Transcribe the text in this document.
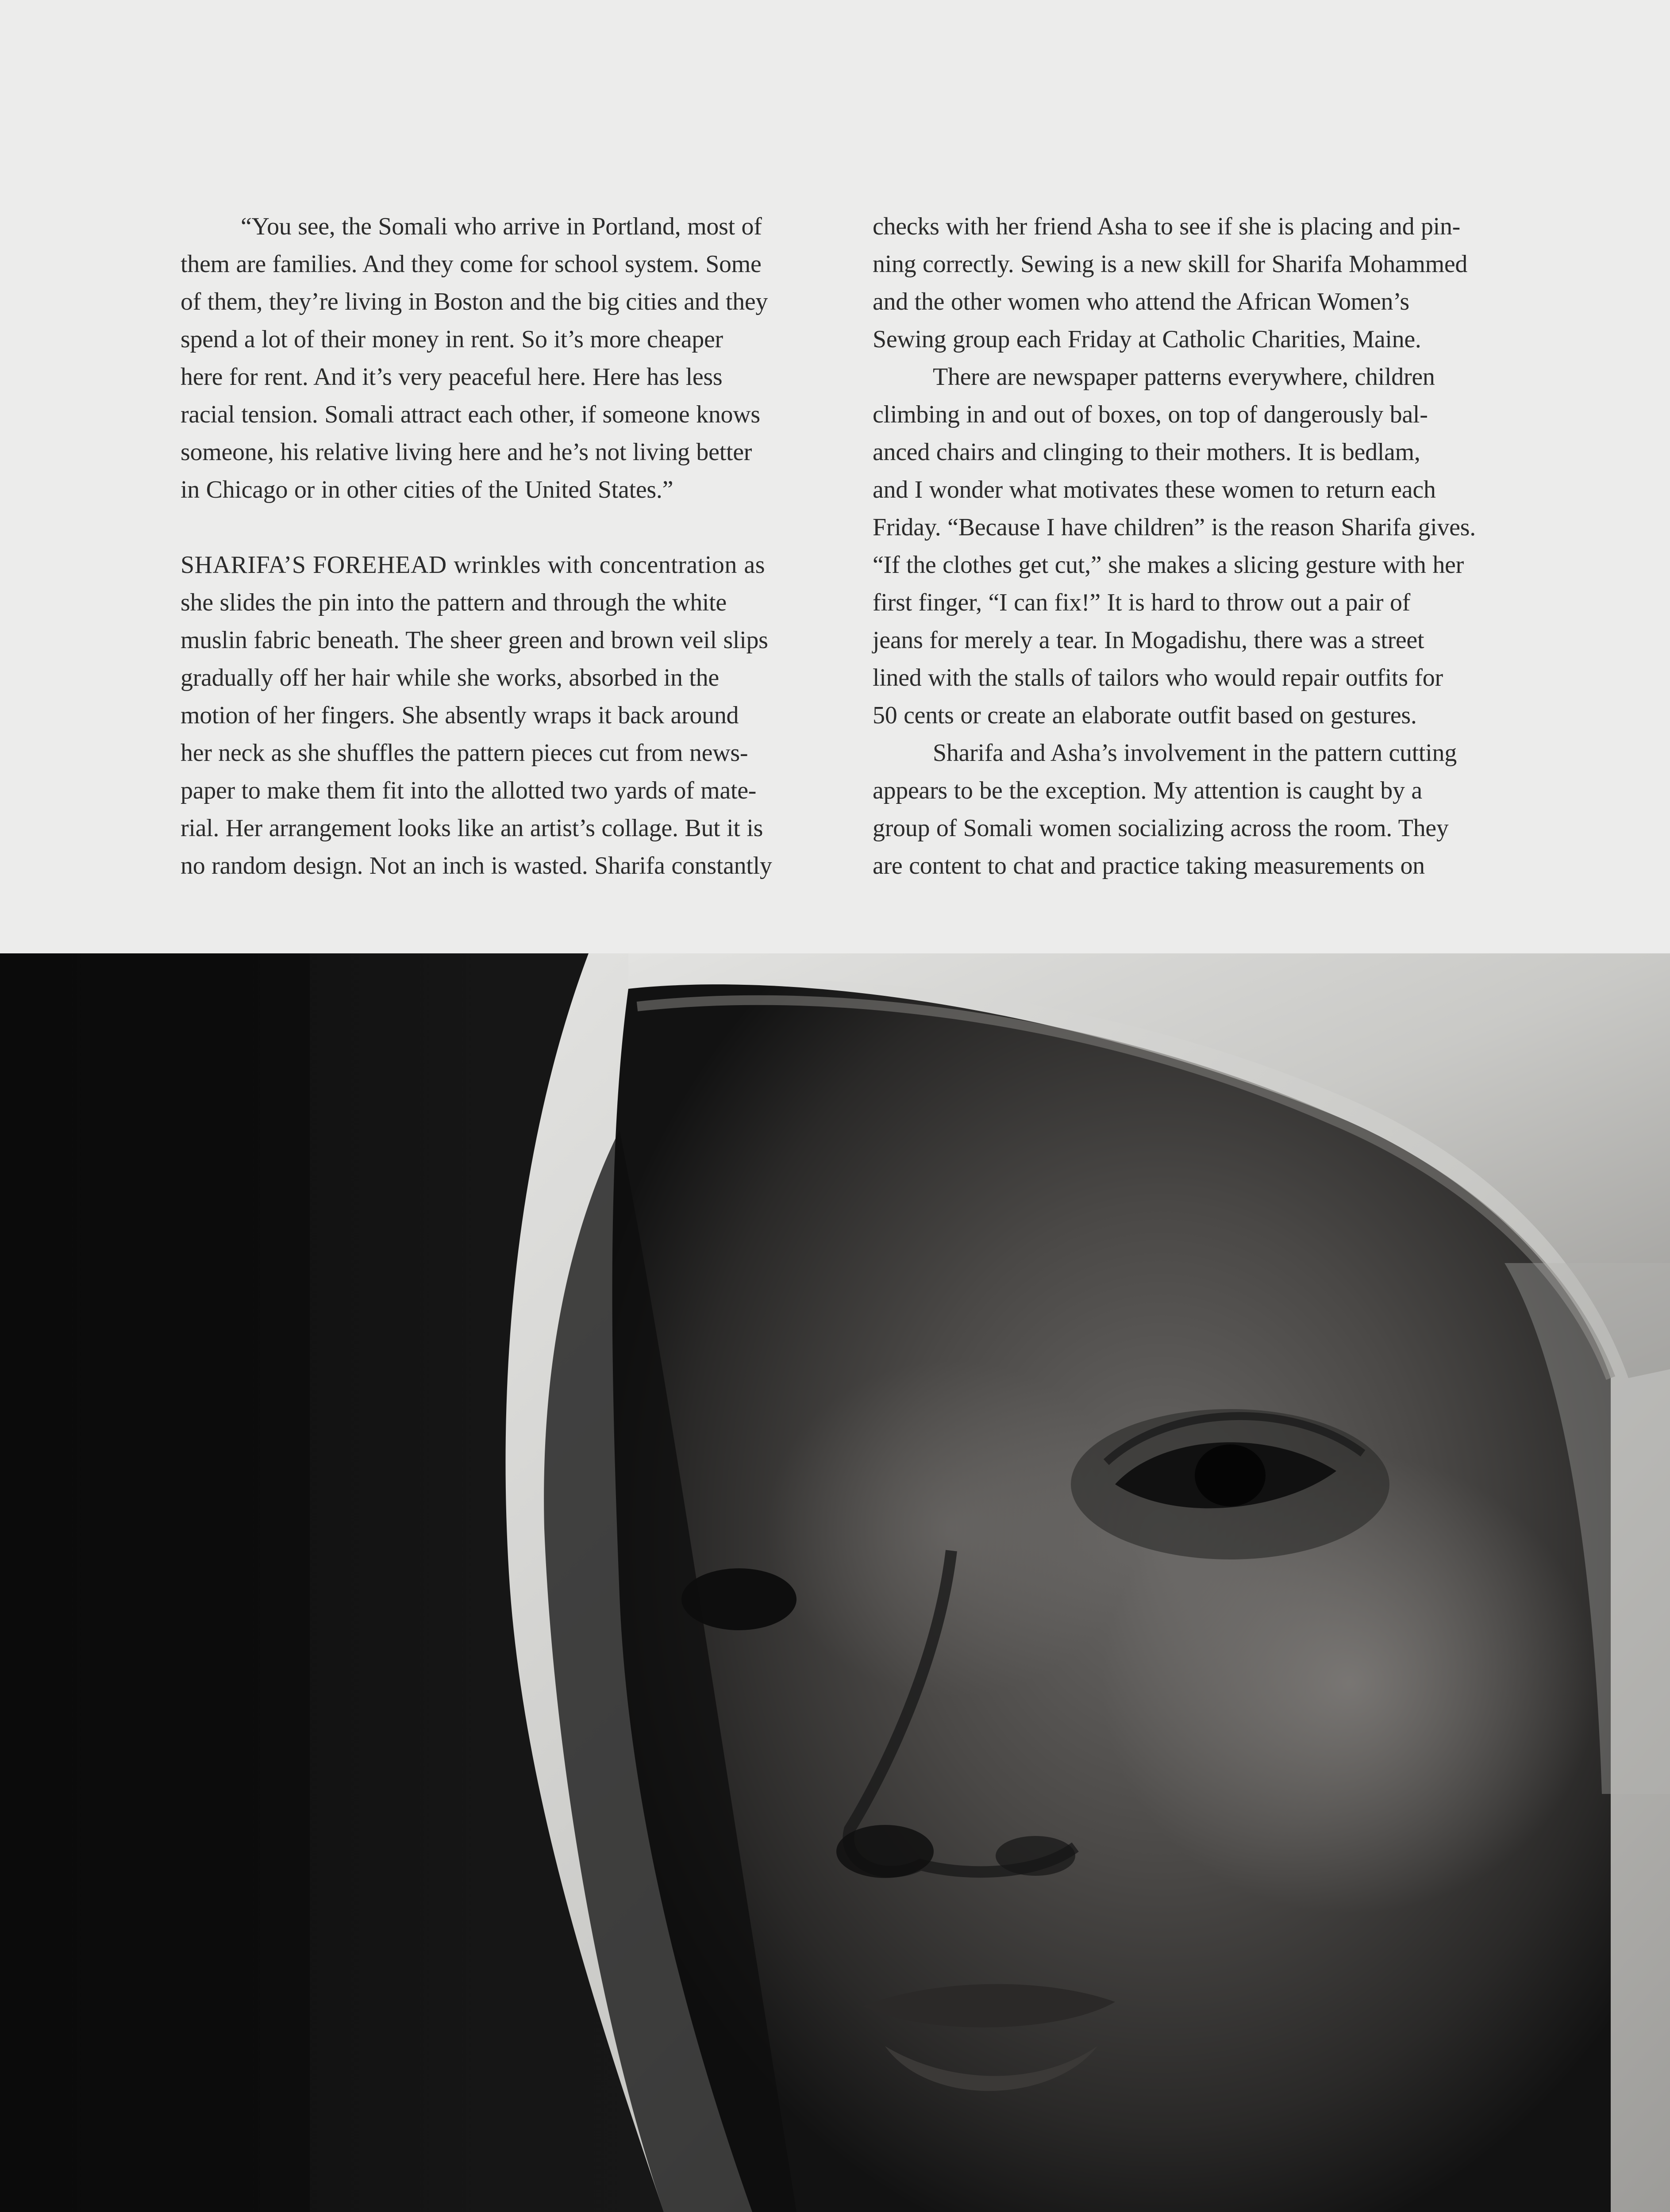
“You see, the Somali who arrive in Portland, most of
them are families. And they come for school system. Some
of them, they’re living in Boston and the big cities and they
spend a lot of their money in rent. So it’s more cheaper
here for rent. And it’s very peaceful here. Here has less
racial tension. Somali attract each other, if someone knows
someone, his relative living here and he’s not living better
in Chicago or in other cities of the United States.”
SHARIFA’S FOREHEAD wrinkles with concentration as
she slides the pin into the pattern and through the white
muslin fabric beneath. The sheer green and brown veil slips
gradually off her hair while she works, absorbed in the
motion of her fingers. She absently wraps it back around
her neck as she shuffles the pattern pieces cut from news-
paper to make them fit into the allotted two yards of mate-
rial. Her arrangement looks like an artist’s collage. But it is
no random design. Not an inch is wasted. Sharifa constantly
checks with her friend Asha to see if she is placing and pin-
ning correctly. Sewing is a new skill for Sharifa Mohammed
and the other women who attend the African Women’s
Sewing group each Friday at Catholic Charities, Maine.
There are newspaper patterns everywhere, children
climbing in and out of boxes, on top of dangerously bal-
anced chairs and clinging to their mothers. It is bedlam,
and I wonder what motivates these women to return each
Friday. “Because I have children” is the reason Sharifa gives.
“If the clothes get cut,” she makes a slicing gesture with her
first finger, “I can fix!” It is hard to throw out a pair of
jeans for merely a tear. In Mogadishu, there was a street
lined with the stalls of tailors who would repair outfits for
50 cents or create an elaborate outfit based on gestures.
Sharifa and Asha’s involvement in the pattern cutting
appears to be the exception. My attention is caught by a
group of Somali women socializing across the room. They
are content to chat and practice taking measurements on
